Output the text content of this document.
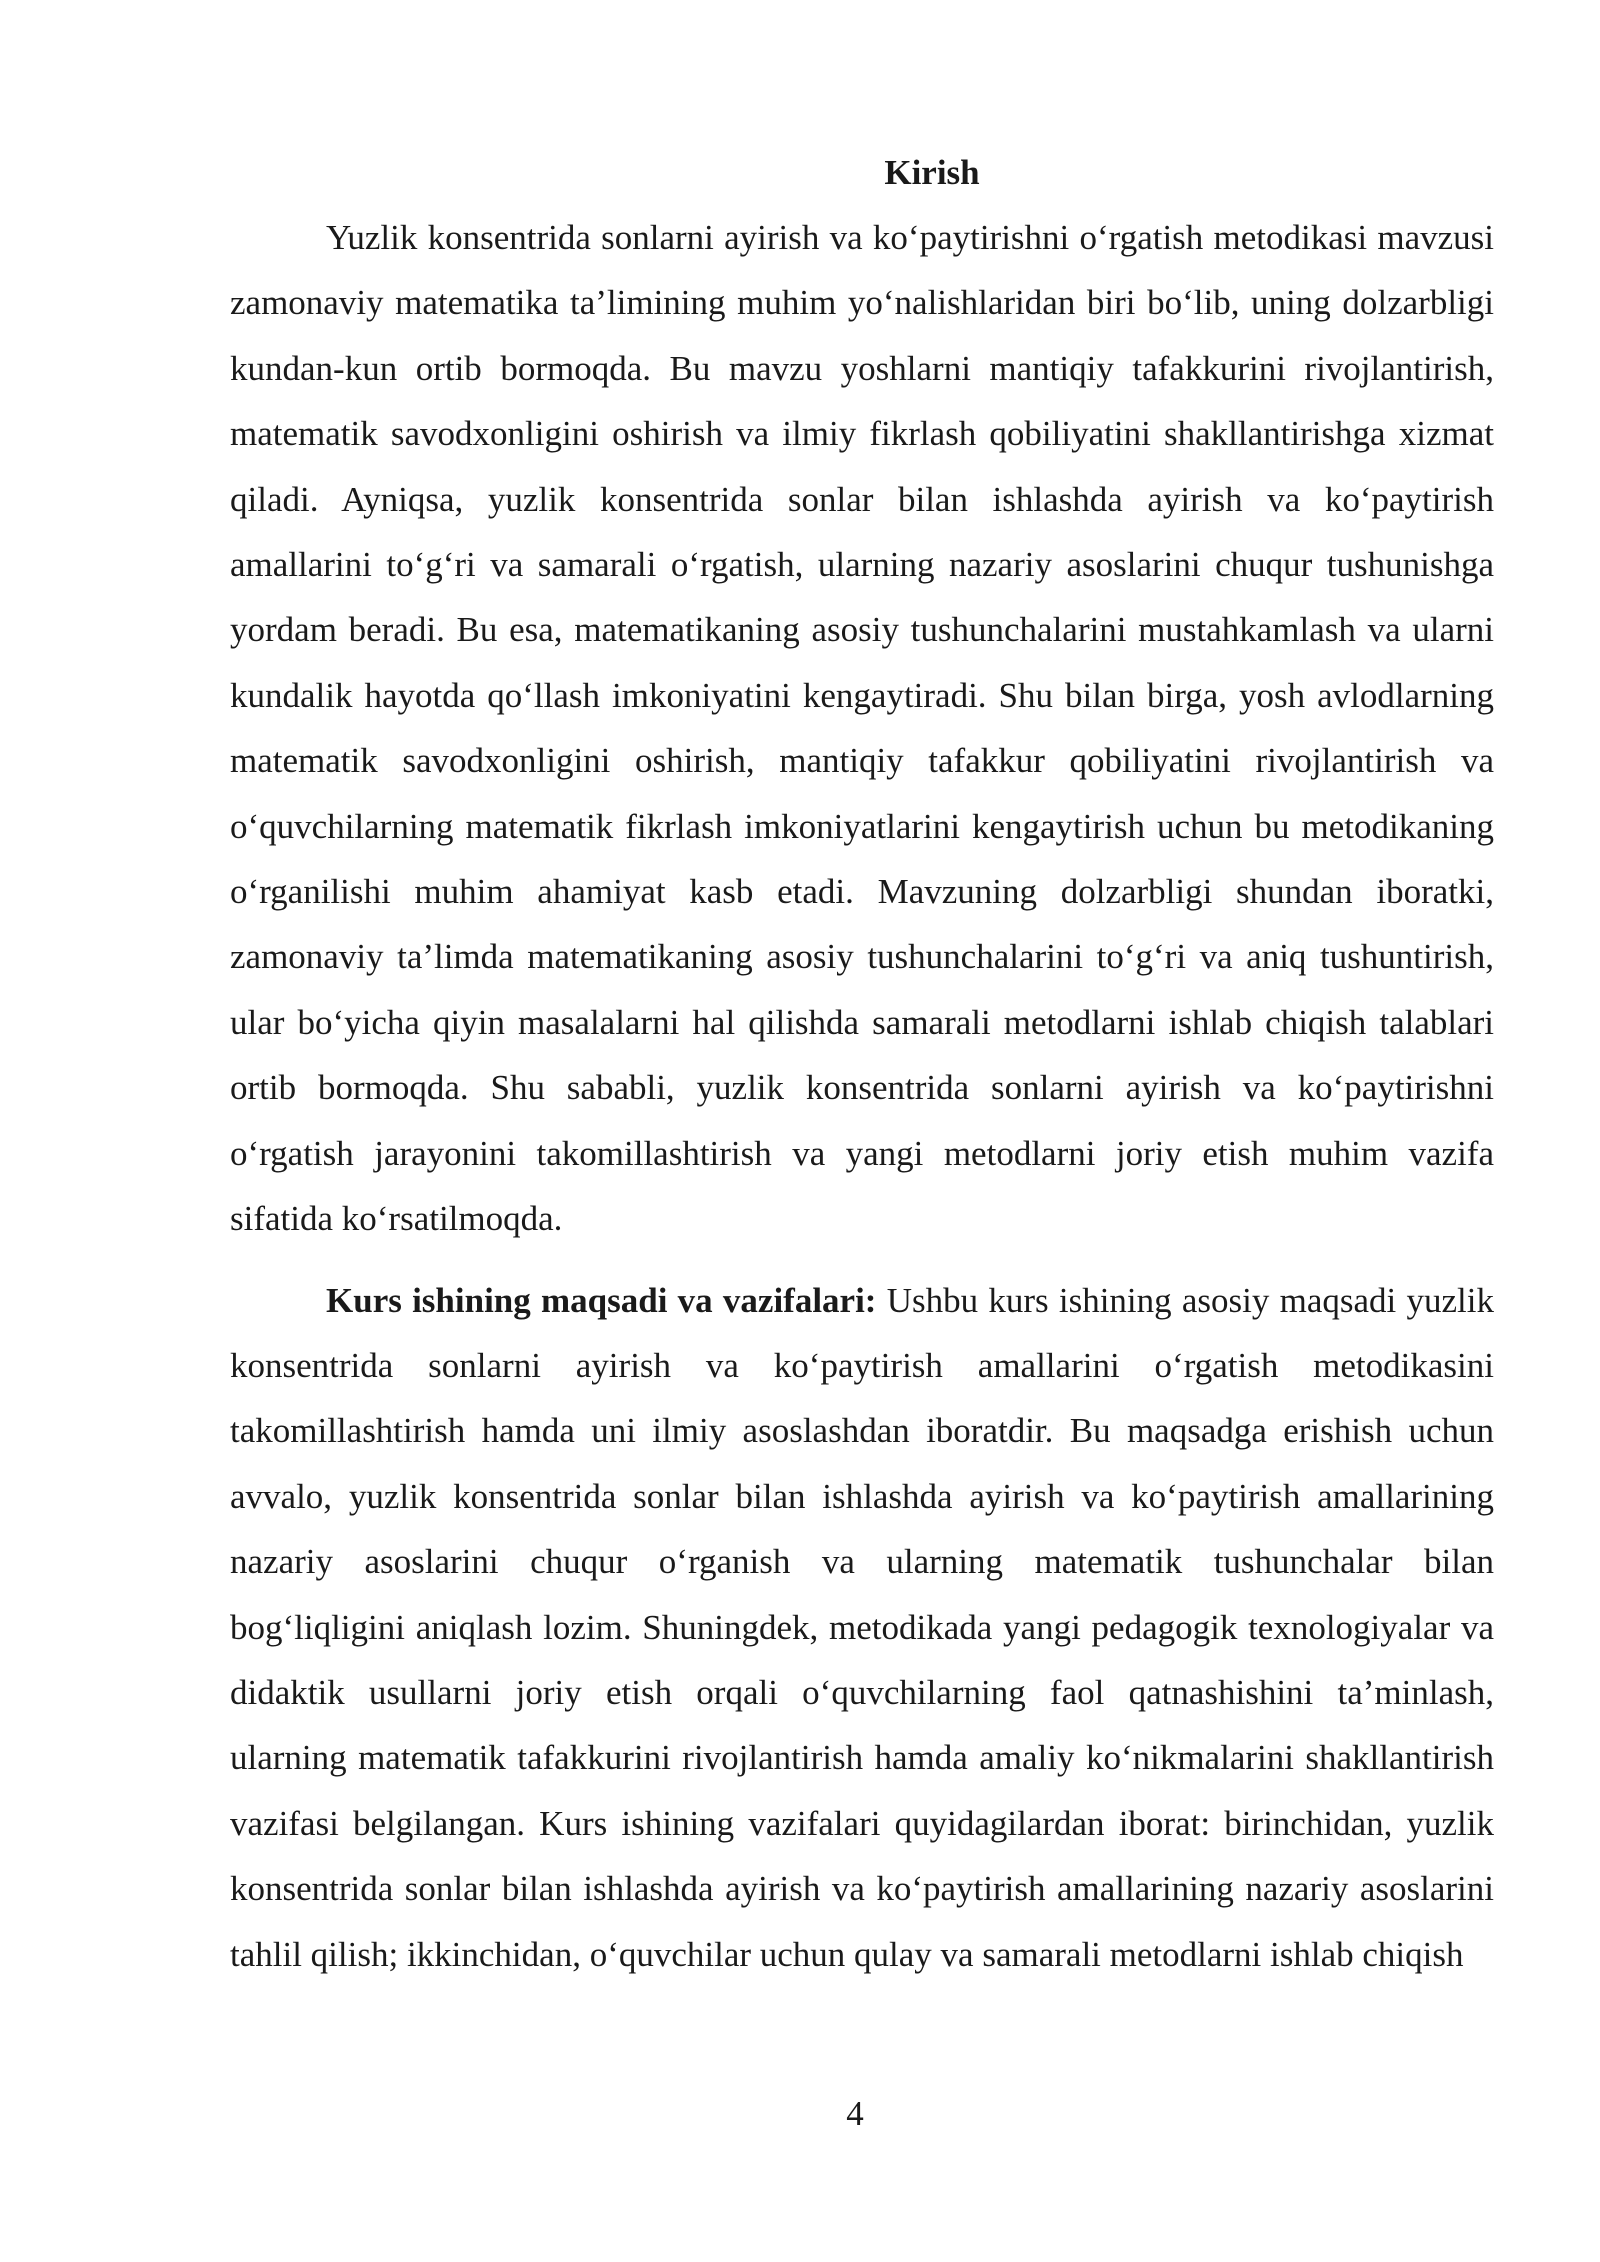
Kirish

Yuzlik konsentrida sonlarni ayirish va ko‘paytirishni o‘rgatish metodikasi mavzusi zamonaviy matematika ta’limining muhim yo‘nalishlaridan biri bo‘lib, uning dolzarbligi kundan-kun ortib bormoqda. Bu mavzu yoshlarni mantiqiy tafakkurini rivojlantirish, matematik savodxonligini oshirish va ilmiy fikrlash qobiliyatini shakllantirishga xizmat qiladi. Ayniqsa, yuzlik konsentrida sonlar bilan ishlashda ayirish va ko‘paytirish amallarini to‘g‘ri va samarali o‘rgatish, ularning nazariy asoslarini chuqur tushunishga yordam beradi. Bu esa, matematikaning asosiy tushunchalarini mustahkamlash va ularni kundalik hayotda qo‘llash imkoniyatini kengaytiradi. Shu bilan birga, yosh avlodlarning matematik savodxonligini oshirish, mantiqiy tafakkur qobiliyatini rivojlantirish va o‘quvchilarning matematik fikrlash imkoniyatlarini kengaytirish uchun bu metodikaning o‘rganilishi muhim ahamiyat kasb etadi. Mavzuning dolzarbligi shundan iboratki, zamonaviy ta’limda matematikaning asosiy tushunchalarini to‘g‘ri va aniq tushuntirish, ular bo‘yicha qiyin masalalarni hal qilishda samarali metodlarni ishlab chiqish talablari ortib bormoqda. Shu sababli, yuzlik konsentrida sonlarni ayirish va ko‘paytirishni o‘rgatish jarayonini takomillashtirish va yangi metodlarni joriy etish muhim vazifa sifatida ko‘rsatilmoqda.

Kurs ishining maqsadi va vazifalari: Ushbu kurs ishining asosiy maqsadi yuzlik konsentrida sonlarni ayirish va ko‘paytirish amallarini o‘rgatish metodikasini takomillashtirish hamda uni ilmiy asoslashdan iboratdir. Bu maqsadga erishish uchun avvalo, yuzlik konsentrida sonlar bilan ishlashda ayirish va ko‘paytirish amallarining nazariy asoslarini chuqur o‘rganish va ularning matematik tushunchalar bilan bog‘liqligini aniqlash lozim. Shuningdek, metodikada yangi pedagogik texnologiyalar va didaktik usullarni joriy etish orqali o‘quvchilarning faol qatnashishini ta’minlash, ularning matematik tafakkurini rivojlantirish hamda amaliy ko‘nikmalarini shakllantirish vazifasi belgilangan. Kurs ishining vazifalari quyidagilardan iborat: birinchidan, yuzlik konsentrida sonlar bilan ishlashda ayirish va ko‘paytirish amallarining nazariy asoslarini tahlil qilish; ikkinchidan, o‘quvchilar uchun qulay va samarali metodlarni ishlab chiqish

4
